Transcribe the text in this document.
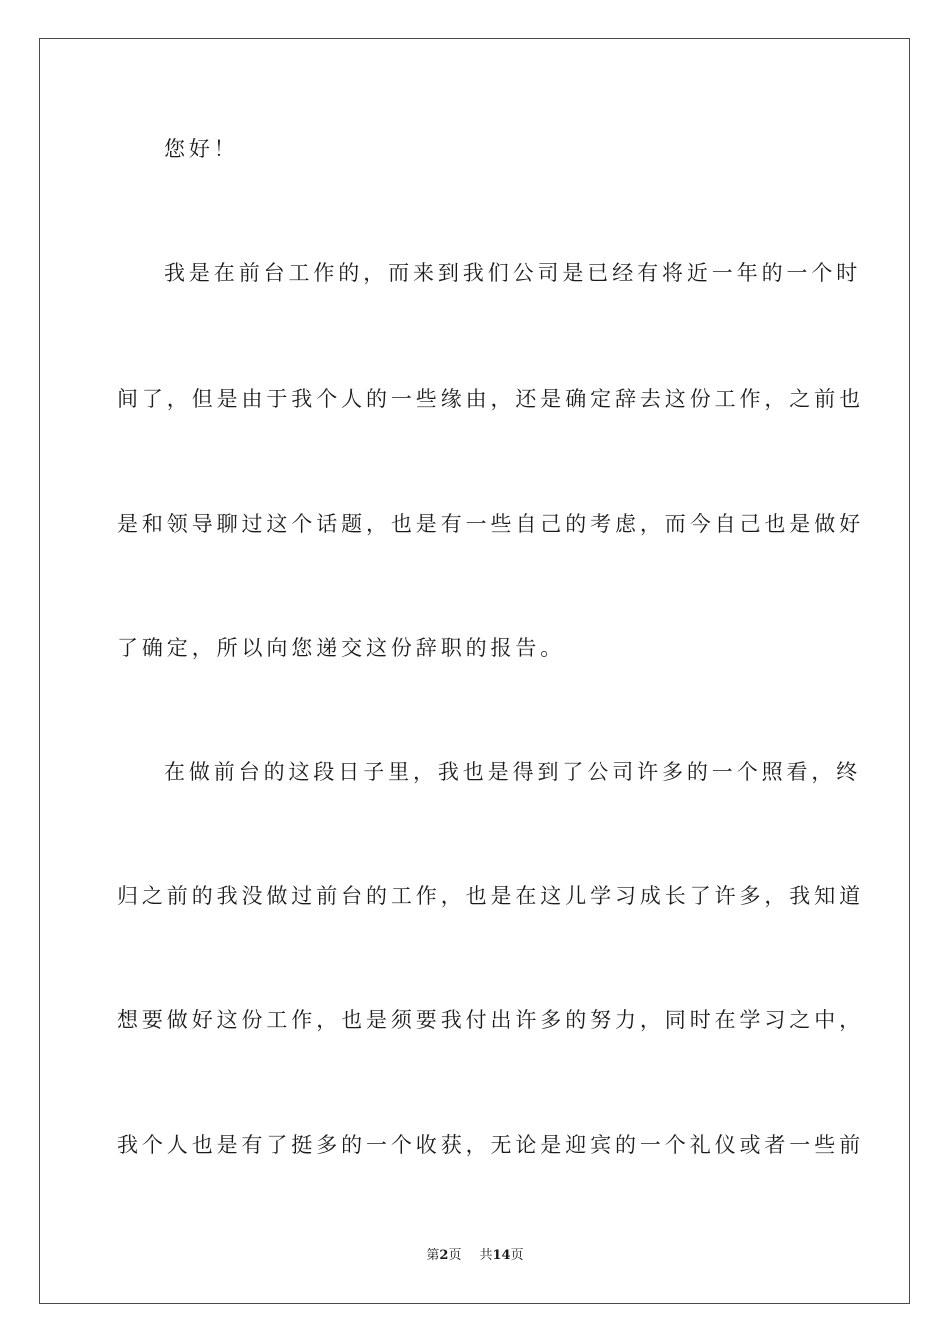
您好！
我是在前台工作的，而来到我们公司是已经有将近一年的一个时
间了，但是由于我个人的一些缘由，还是确定辞去这份工作，之前也
是和领导聊过这个话题，也是有一些自己的考虑，而今自己也是做好
了确定，所以向您递交这份辞职的报告。
在做前台的这段日子里，我也是得到了公司许多的一个照看，终
归之前的我没做过前台的工作，也是在这儿学习成长了许多，我知道
想要做好这份工作，也是须要我付出许多的努力，同时在学习之中，
我个人也是有了挺多的一个收获，无论是迎宾的一个礼仪或者一些前
第2页 共14页
